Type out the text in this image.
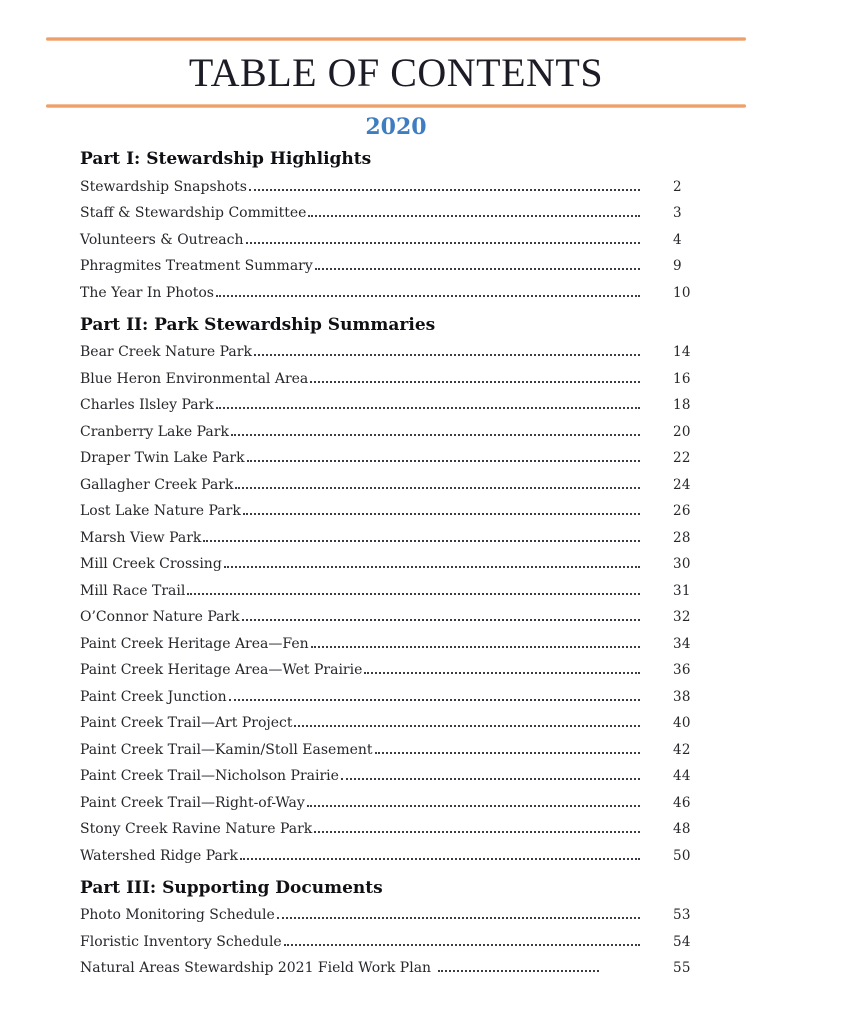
TABLE OF CONTENTS
2020
Part I: Stewardship Highlights
Stewardship Snapshots	2
Staff & Stewardship Committee	3
Volunteers & Outreach	4
Phragmites Treatment Summary	9
The Year In Photos	10
Part II: Park Stewardship Summaries
Bear Creek Nature Park	14
Blue Heron Environmental Area	16
Charles Ilsley Park	18
Cranberry Lake Park	20
Draper Twin Lake Park	22
Gallagher Creek Park	24
Lost Lake Nature Park	26
Marsh View Park	28
Mill Creek Crossing	30
Mill Race Trail	31
O’Connor Nature Park	32
Paint Creek Heritage Area—Fen	34
Paint Creek Heritage Area—Wet Prairie	36
Paint Creek Junction	38
Paint Creek Trail—Art Project	40
Paint Creek Trail—Kamin/Stoll Easement	42
Paint Creek Trail—Nicholson Prairie	44
Paint Creek Trail—Right-of-Way	46
Stony Creek Ravine Nature Park	48
Watershed Ridge Park	50
Part III: Supporting Documents
Photo Monitoring Schedule	53
Floristic Inventory Schedule	54
Natural Areas Stewardship 2021 Field Work Plan	55
